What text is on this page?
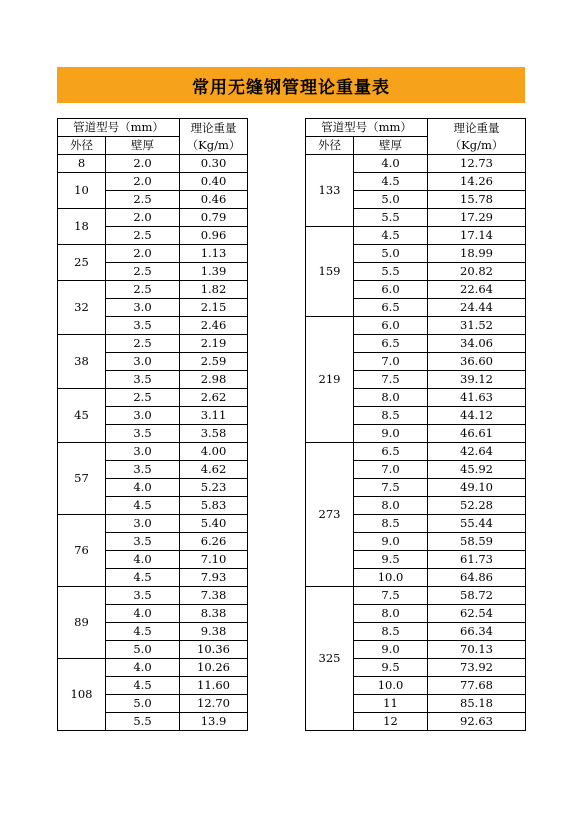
常用无缝钢管理论重量表
管道型号（mm）		理论重量
（Kg/m）

外径	壁厚	
8	2.0	0.30
10	2.0	0.40
	2.5	0.46
18	2.0	0.79
	2.5	0.96
25	2.0	1.13
	2.5	1.39
32	2.5	1.82
	3.0	2.15
	3.5	2.46
38	2.5	2.19
	3.0	2.59
	3.5	2.98
45	2.5	2.62
	3.0	3.11
	3.5	3.58
57	3.0	4.00
	3.5	4.62
	4.0	5.23
	4.5	5.83
76	3.0	5.40
	3.5	6.26
	4.0	7.10
	4.5	7.93
89	3.5	7.38
	4.0	8.38
	4.5	9.38
	5.0	10.36
108	4.0	10.26
	4.5	11.60
	5.0	12.70
	5.5	13.9
管道型号（mm）		理论重量
（Kg/m）

外径	壁厚	
133	4.0	12.73
	4.5	14.26
	5.0	15.78
	5.5	17.29
159	4.5	17.14
	5.0	18.99
	5.5	20.82
	6.0	22.64
	6.5	24.44
219	6.0	31.52
	6.5	34.06
	7.0	36.60
	7.5	39.12
	8.0	41.63
	8.5	44.12
	9.0	46.61
273	6.5	42.64
	7.0	45.92
	7.5	49.10
	8.0	52.28
	8.5	55.44
	9.0	58.59
	9.5	61.73
	10.0	64.86
325	7.5	58.72
	8.0	62.54
	8.5	66.34
	9.0	70.13
	9.5	73.92
	10.0	77.68
	11	85.18
	12	92.63
